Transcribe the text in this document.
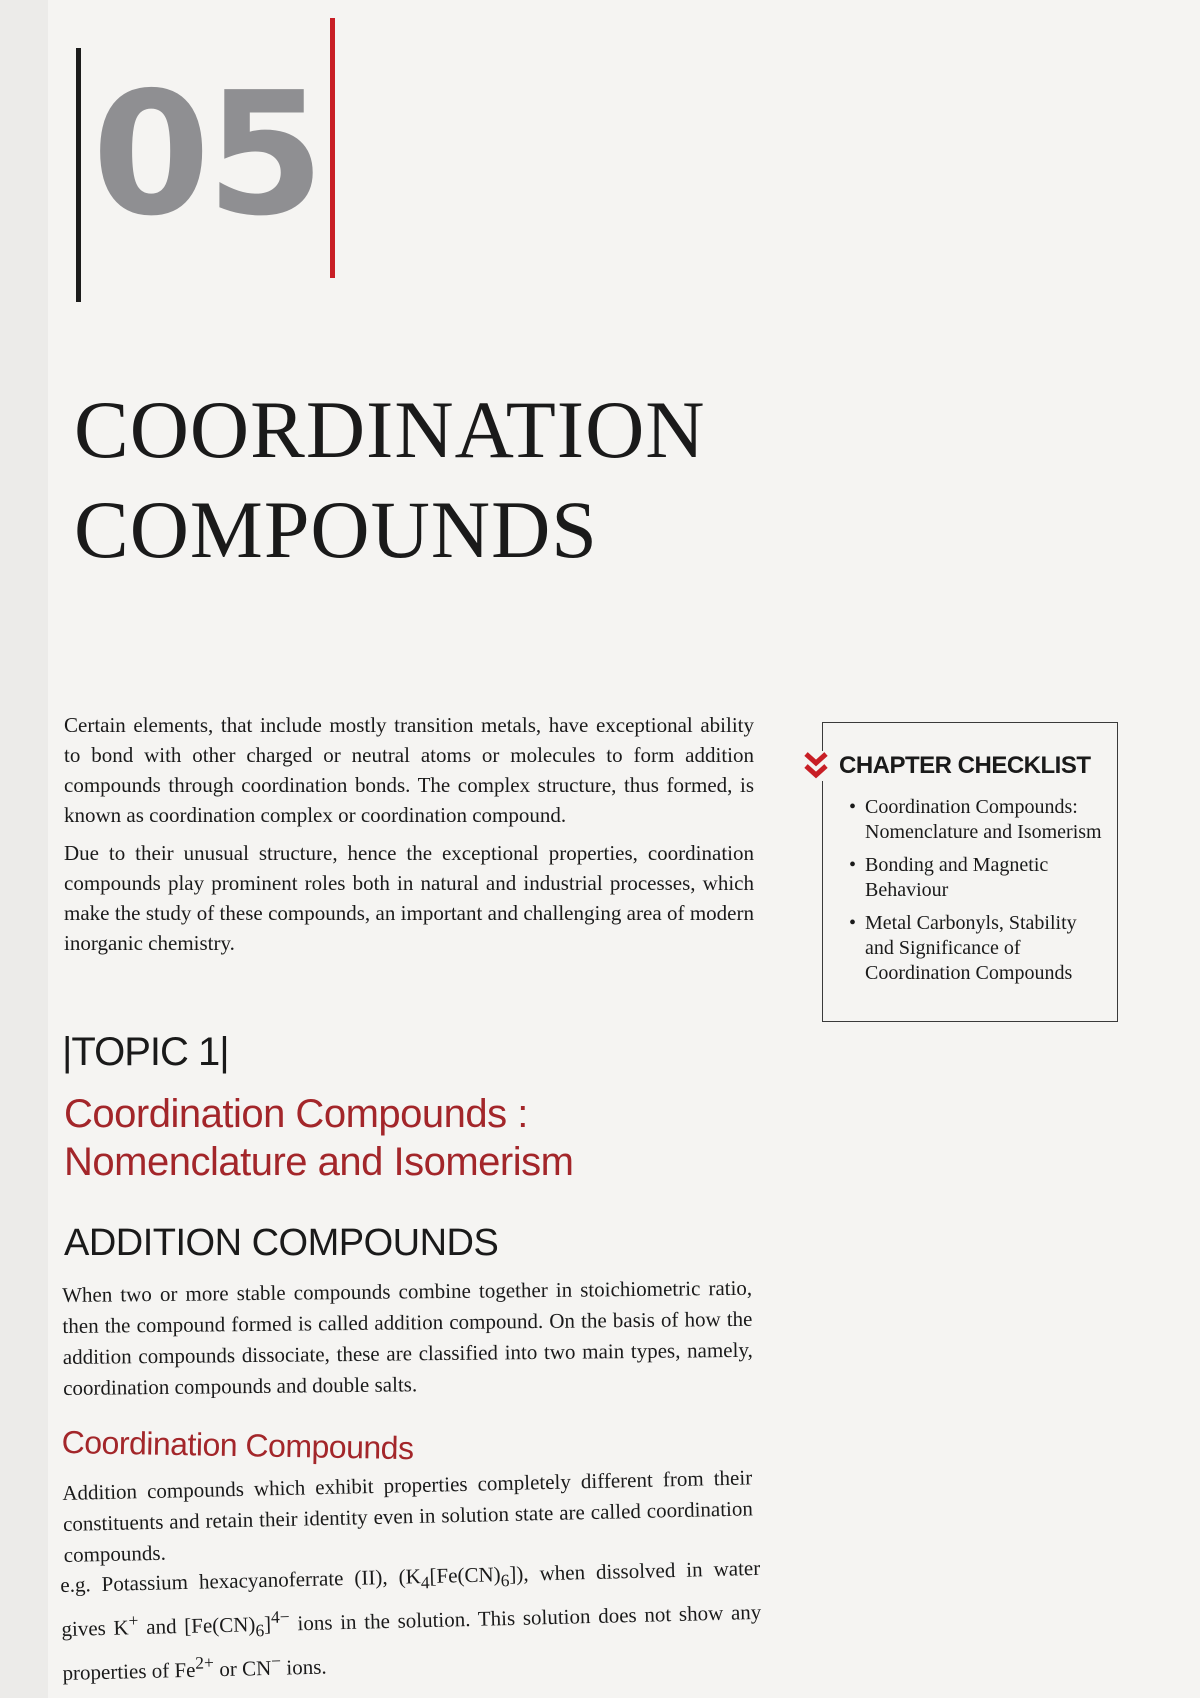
05
COORDINATION
COMPOUNDS

Certain elements, that include mostly transition metals, have exceptional ability to bond with other charged or neutral atoms or molecules to form addition compounds through coordination bonds. The complex structure, thus formed, is known as coordination complex or coordination compound.

Due to their unusual structure, hence the exceptional properties, coordination compounds play prominent roles both in natural and industrial processes, which make the study of these compounds, an important and challenging area of modern inorganic chemistry.

CHAPTER CHECKLIST
• Coordination Compounds: Nomenclature and Isomerism
• Bonding and Magnetic Behaviour
• Metal Carbonyls, Stability and Significance of Coordination Compounds
|TOPIC 1|
Coordination Compounds :
Nomenclature and Isomerism
ADDITION COMPOUNDS
When two or more stable compounds combine together in stoichiometric ratio, then the compound formed is called addition compound. On the basis of how the addition compounds dissociate, these are classified into two main types, namely, coordination compounds and double salts.
Coordination Compounds
Addition compounds which exhibit properties completely different from their constituents and retain their identity even in solution state are called coordination compounds.

e.g. Potassium hexacyanoferrate (II), $(K_4[Fe(CN)_6])$, when dissolved in water gives K+ and $[Fe(CN)_6]^{4-}$ ions in the solution. This solution does not show any properties of $Fe^{2+}$ or CN− ions.
